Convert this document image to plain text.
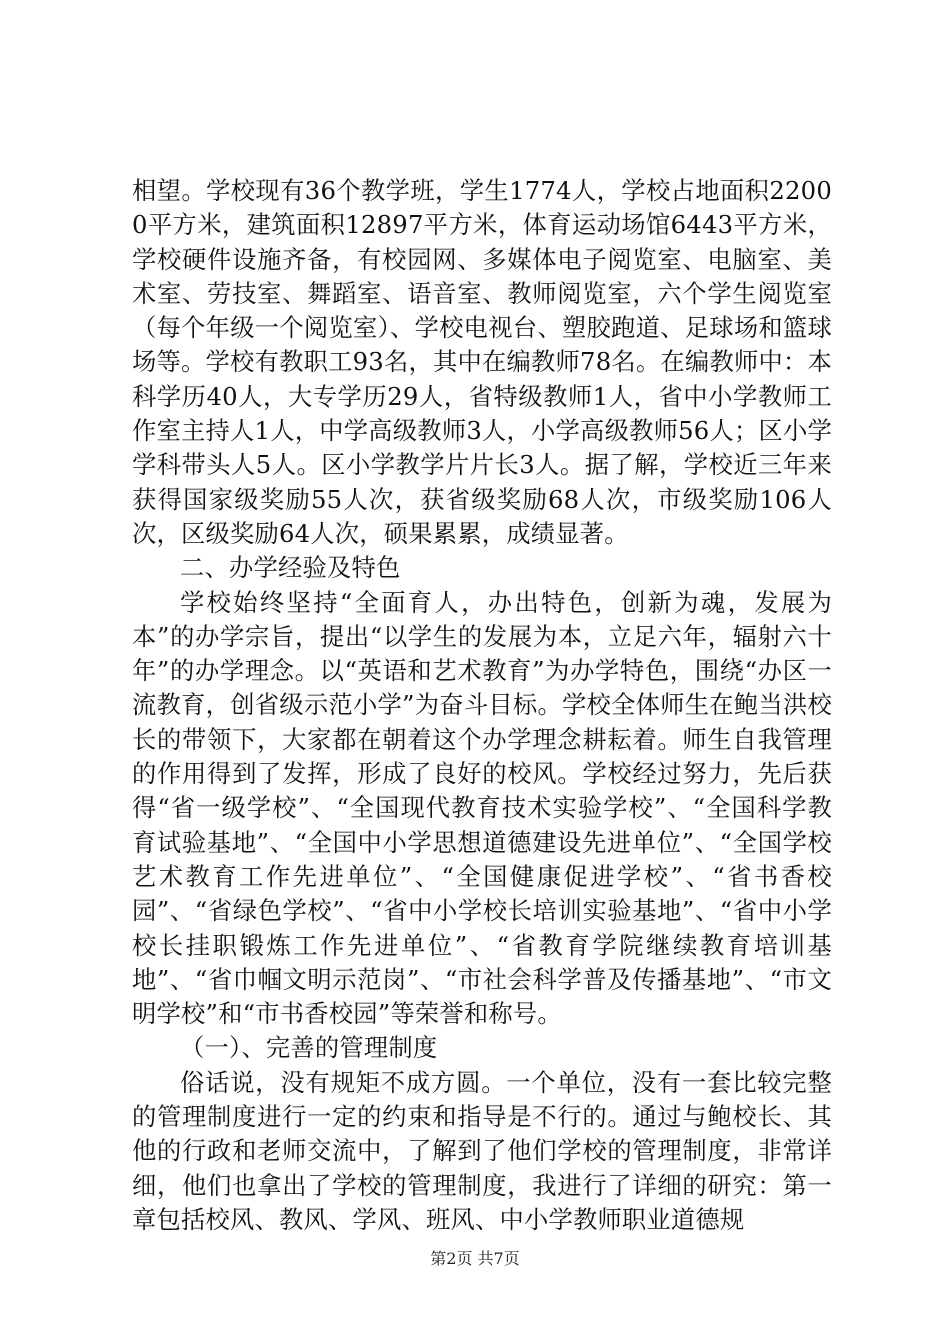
相望。学校现有36个教学班，学生1774人，学校占地面积22000平方米，建筑面积12897平方米，体育运动场馆6443平方米，学校硬件设施齐备，有校园网、多媒体电子阅览室、电脑室、美术室、劳技室、舞蹈室、语音室、教师阅览室，六个学生阅览室（每个年级一个阅览室）、学校电视台、塑胶跑道、足球场和篮球场等。学校有教职工93名，其中在编教师78名。在编教师中：本科学历40人，大专学历29人，省特级教师1人，省中小学教师工作室主持人1人，中学高级教师3人，小学高级教师56人；区小学学科带头人5人。区小学教学片片长3人。据了解，学校近三年来获得国家级奖励55人次，获省级奖励68人次，市级奖励106人次，区级奖励64人次，硕果累累，成绩显著。

二、办学经验及特色

学校始终坚持“全面育人，办出特色，创新为魂，发展为本”的办学宗旨，提出“以学生的发展为本，立足六年，辐射六十年”的办学理念。以“英语和艺术教育”为办学特色，围绕“办区一流教育，创省级示范小学”为奋斗目标。学校全体师生在鲍当洪校长的带领下，大家都在朝着这个办学理念耕耘着。师生自我管理的作用得到了发挥，形成了良好的校风。学校经过努力，先后获得“省一级学校”、“全国现代教育技术实验学校”、“全国科学教育试验基地”、“全国中小学思想道德建设先进单位”、“全国学校艺术教育工作先进单位”、“全国健康促进学校”、“省书香校园”、“省绿色学校”、“省中小学校长培训实验基地”、“省中小学校长挂职锻炼工作先进单位”、“省教育学院继续教育培训基地”、“省巾帼文明示范岗”、“市社会科学普及传播基地”、“市文明学校”和“市书香校园”等荣誉和称号。

（一）、完善的管理制度

俗话说，没有规矩不成方圆。一个单位，没有一套比较完整的管理制度进行一定的约束和指导是不行的。通过与鲍校长、其他的行政和老师交流中，了解到了他们学校的管理制度，非常详细，他们也拿出了学校的管理制度，我进行了详细的研究：第一章包括校风、教风、学风、班风、中小学教师职业道德规

第2页 共7页
